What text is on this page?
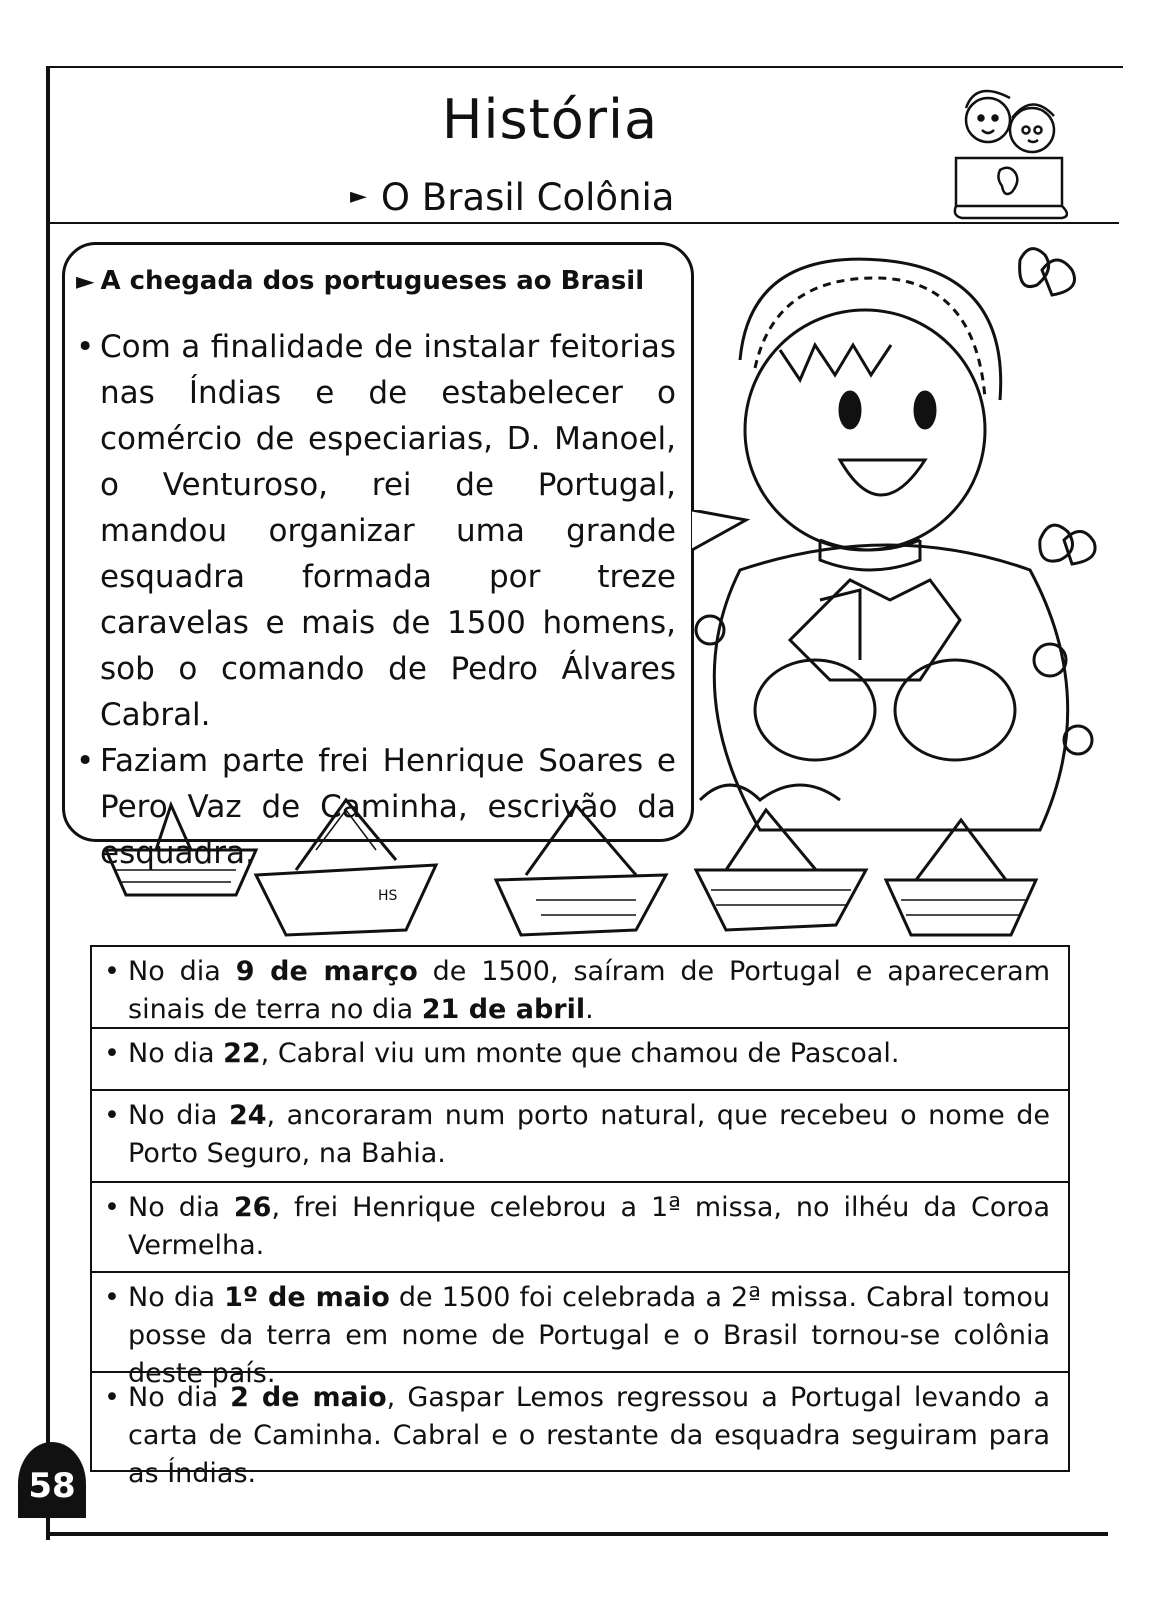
História
► O Brasil Colônia
► A chegada dos portugueses ao Brasil

• Com a finalidade de instalar feitorias nas Índias e de estabelecer o comércio de especiarias, D. Manoel, o Venturoso, rei de Portugal, mandou organizar uma grande esquadra formada por treze caravelas e mais de 1500 homens, sob o comando de Pedro Álvares Cabral.

• Faziam parte frei Henrique Soares e Pero Vaz de Caminha, escrivão da esquadra.

HS
• No dia 9 de março de 1500, saíram de Portugal e apareceram sinais de terra no dia 21 de abril.
• No dia 22, Cabral viu um monte que chamou de Pascoal.
• No dia 24, ancoraram num porto natural, que recebeu o nome de Porto Seguro, na Bahia.
• No dia 26, frei Henrique celebrou a 1ª missa, no ilhéu da Coroa Vermelha.
• No dia 1º de maio de 1500 foi celebrada a 2ª missa. Cabral tomou posse da terra em nome de Portugal e o Brasil tornou-se colônia deste país.
• No dia 2 de maio, Gaspar Lemos regressou a Portugal levando a carta de Caminha. Cabral e o restante da esquadra seguiram para as Índias.
58
